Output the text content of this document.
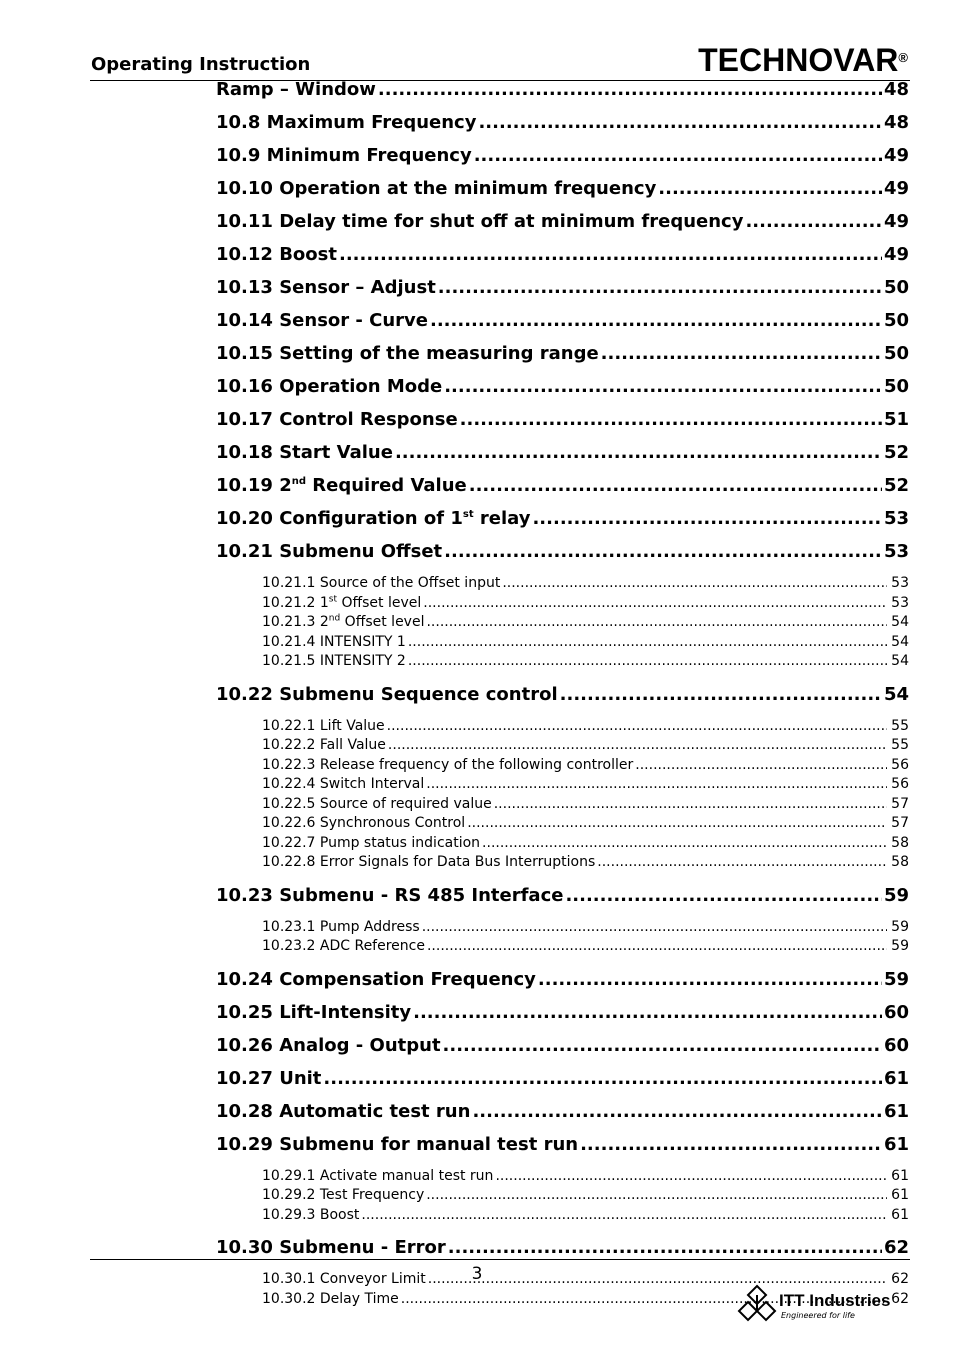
Operating Instruction	TECHNOVAR®
Ramp – Window .....	48
10.8 Maximum Frequency .....	48
10.9 Minimum Frequency .....	49
10.10 Operation at the minimum frequency .....	49
10.11 Delay time for shut off at minimum frequency .....	49
10.12 Boost .....	49
10.13 Sensor – Adjust .....	50
10.14 Sensor - Curve .....	50
10.15 Setting of the measuring range .....	50
10.16 Operation Mode .....	50
10.17 Control Response .....	51
10.18 Start Value .....	52
10.19 2nd Required Value .....	52
10.20 Configuration of 1st relay .....	53
10.21 Submenu Offset .....	53
10.21.1 Source of the Offset input .....	53
10.21.2 1st Offset level .....	53
10.21.3 2nd Offset level .....	54
10.21.4 INTENSITY 1 .....	54
10.21.5 INTENSITY 2 .....	54
10.22 Submenu Sequence control .....	54
10.22.1 Lift Value .....	55
10.22.2 Fall Value .....	55
10.22.3 Release frequency of the following controller .....	56
10.22.4 Switch Interval .....	56
10.22.5 Source of required value .....	57
10.22.6 Synchronous Control .....	57
10.22.7 Pump status indication .....	58
10.22.8 Error Signals for Data Bus Interruptions .....	58
10.23 Submenu - RS 485 Interface .....	59
10.23.1 Pump Address .....	59
10.23.2 ADC Reference .....	59
10.24 Compensation Frequency .....	59
10.25 Lift-Intensity .....	60
10.26 Analog - Output .....	60
10.27 Unit .....	61
10.28 Automatic test run .....	61
10.29 Submenu for manual test run .....	61
10.29.1 Activate manual test run .....	61
10.29.2 Test Frequency .....	61
10.29.3 Boost .....	61
10.30 Submenu - Error .....	62
10.30.1 Conveyor Limit .....	62
10.30.2 Delay Time .....	62
3
ITT Industries
Engineered for life
